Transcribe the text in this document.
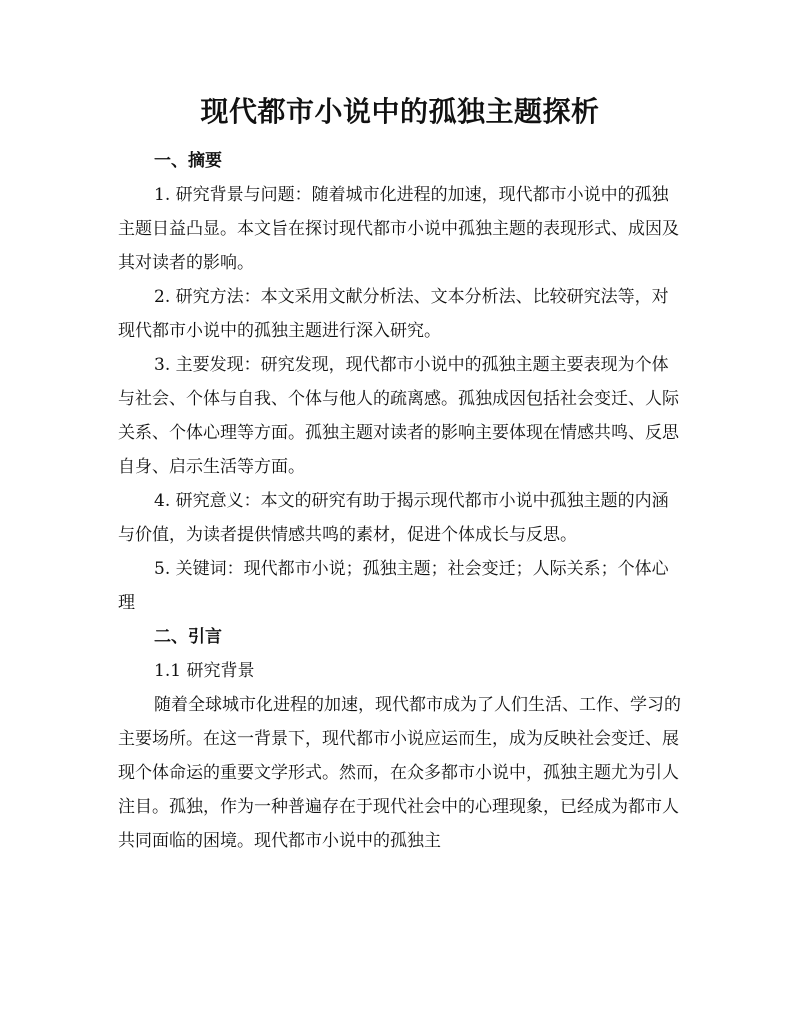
现代都市小说中的孤独主题探析

一、摘要

1. 研究背景与问题：随着城市化进程的加速，现代都市小说中的孤独主题日益凸显。本文旨在探讨现代都市小说中孤独主题的表现形式、成因及其对读者的影响。

2. 研究方法：本文采用文献分析法、文本分析法、比较研究法等，对现代都市小说中的孤独主题进行深入研究。

3. 主要发现：研究发现，现代都市小说中的孤独主题主要表现为个体与社会、个体与自我、个体与他人的疏离感。孤独成因包括社会变迁、人际关系、个体心理等方面。孤独主题对读者的影响主要体现在情感共鸣、反思自身、启示生活等方面。

4. 研究意义：本文的研究有助于揭示现代都市小说中孤独主题的内涵与价值，为读者提供情感共鸣的素材，促进个体成长与反思。

5. 关键词：现代都市小说；孤独主题；社会变迁；人际关系；个体心理

二、引言

1.1 研究背景

随着全球城市化进程的加速，现代都市成为了人们生活、工作、学习的主要场所。在这一背景下，现代都市小说应运而生，成为反映社会变迁、展现个体命运的重要文学形式。然而，在众多都市小说中，孤独主题尤为引人注目。孤独，作为一种普遍存在于现代社会中的心理现象，已经成为都市人共同面临的困境。现代都市小说中的孤独主
